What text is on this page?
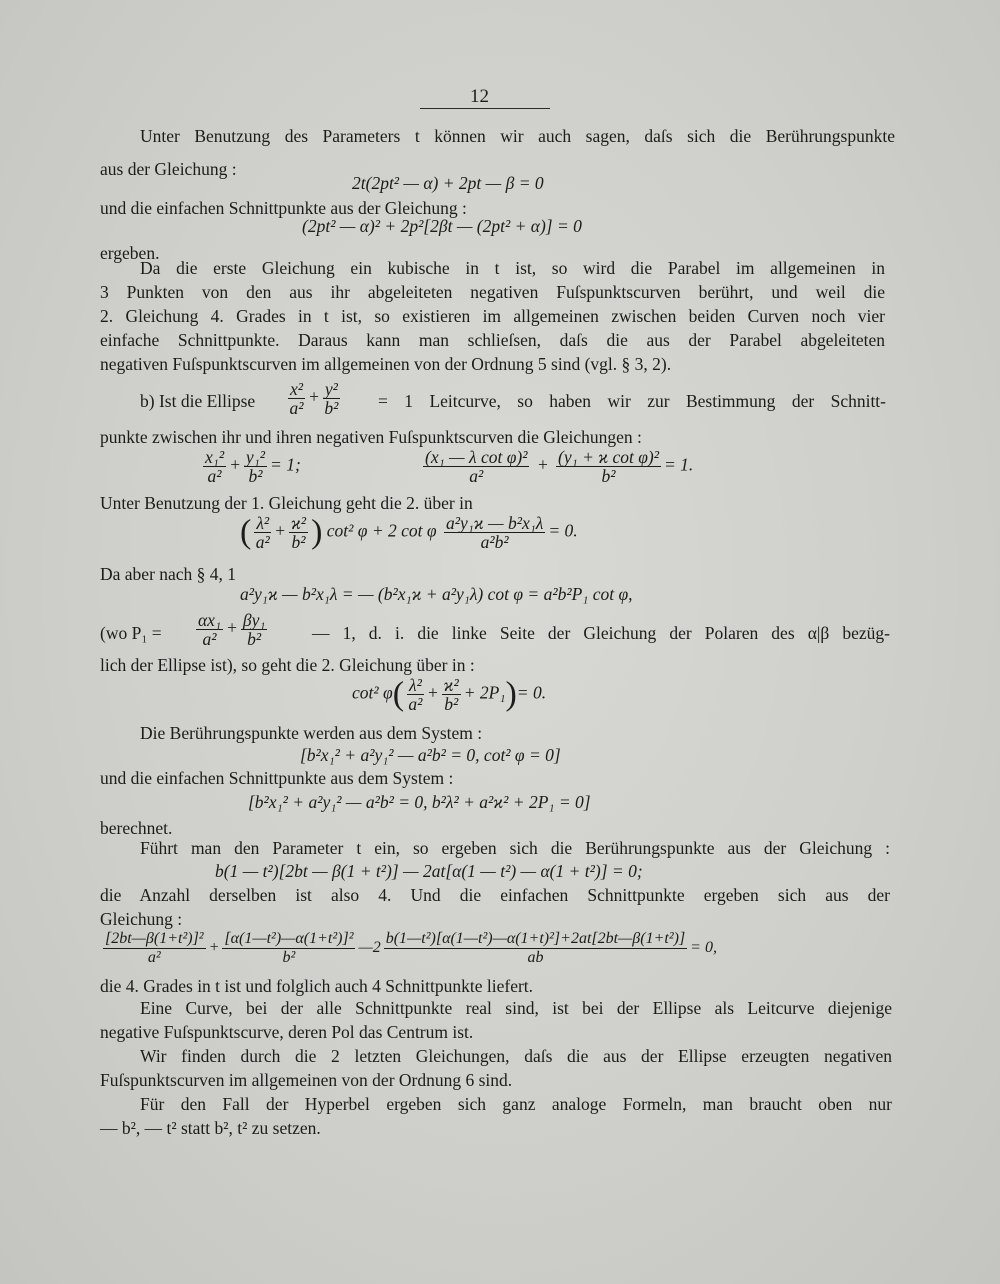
12
Unter Benutzung des Parameters t können wir auch sagen, daſs sich die Berührungspunkte
aus der Gleichung :
2t(2pt² — α) + 2pt — β = 0
und die einfachen Schnittpunkte aus der Gleichung :
(2pt² — α)² + 2p²[2βt — (2pt² + α)] = 0
ergeben.
Da die erste Gleichung ein kubische in t ist, so wird die Parabel im allgemeinen in
3 Punkten von den aus ihr abgeleiteten negativen Fuſspunktscurven berührt, und weil die
2. Gleichung 4. Grades in t ist, so existieren im allgemeinen zwischen beiden Curven noch vier
einfache Schnittpunkte. Daraus kann man schlieſsen, daſs die aus der Parabel abgeleiteten
negativen Fuſspunktscurven im allgemeinen von der Ordnung 5 sind (vgl. § 3, 2).
b) Ist die Ellipse	$\frac{\text{x²}}{\text{a²}} + \frac{\text{y²}}{\text{b²}} = 1$ Leitcurve, so haben wir zur Bestimmung der Schnitt-
punkte zwischen ihr und ihren negativen Fuſspunktscurven die Gleichungen :
$\frac{\text{x₁²}}{\text{a²}} + \frac{\text{y₁²}}{\text{b²}} = 1$;	$\frac{\text{(x₁ — λ cot φ)²}}{\text{a²}} + \frac{\text{(y₁ + ϰ cot φ)²}}{\text{b²}} = 1$.
Unter Benutzung der 1. Gleichung geht die 2. über in
( $\frac{\text{λ²}}{\text{a²}} + \frac{\text{ϰ²}}{\text{b²}}$ ) cot² φ + 2 cot φ $\frac{\text{a²y₁ϰ — b²x₁λ}}{\text{a²b²}} = 0$.
Da aber nach § 4, 1
a²y₁ϰ — b²x₁λ = — (b²x₁ϰ + a²y₁λ) cot φ = a²b²P₁ cot φ,
(wo P₁ =	$\frac{\text{αx₁}}{\text{a²}} + \frac{\text{βy₁}}{\text{b²}}$	— 1, d. i. die linke Seite der Gleichung der Polaren des α|β bezüg-
lich der Ellipse ist), so geht die 2. Gleichung über in :
cot² $\varphi( \frac{\text{λ²}}{\text{a²}} + \frac{\text{ϰ²}}{\text{b²}} + 2P_1)= 0$.
Die Berührungspunkte werden aus dem System :
[b²x₁² + a²y₁² — a²b² = 0, cot² φ = 0]
und die einfachen Schnittpunkte aus dem System :
[b²x₁² + a²y₁² — a²b² = 0, b²λ² + a²ϰ² + 2P₁ = 0]
berechnet.
Führt man den Parameter t ein, so ergeben sich die Berührungspunkte aus der Gleichung :
b(1 — t²)[2bt — β(1 + t²)] — 2at[α(1 — t²) — α(1 + t²)] = 0;
die Anzahl derselben ist also 4. Und die einfachen Schnittpunkte ergeben sich aus der
Gleichung :
$\frac{\text{[2bt—β(1+t²)]²}}{\text{a²}} + \frac{\text{[α(1—t²)—α(1+t²)]²}}{\text{b²}}$ —2 $\frac{\text{b(1—t²)[α(1—t²)—α(1+t)²]+2at[2bt—β(1+t²)]}}{ab} = 0$,
die 4. Grades in t ist und folglich auch 4 Schnittpunkte liefert.
Eine Curve, bei der alle Schnittpunkte real sind, ist bei der Ellipse als Leitcurve diejenige
negative Fuſspunktscurve, deren Pol das Centrum ist.
Wir finden durch die 2 letzten Gleichungen, daſs die aus der Ellipse erzeugten negativen
Fuſspunktscurven im allgemeinen von der Ordnung 6 sind.
Für den Fall der Hyperbel ergeben sich ganz analoge Formeln, man braucht oben nur
— b², — t² statt b², t² zu setzen.
